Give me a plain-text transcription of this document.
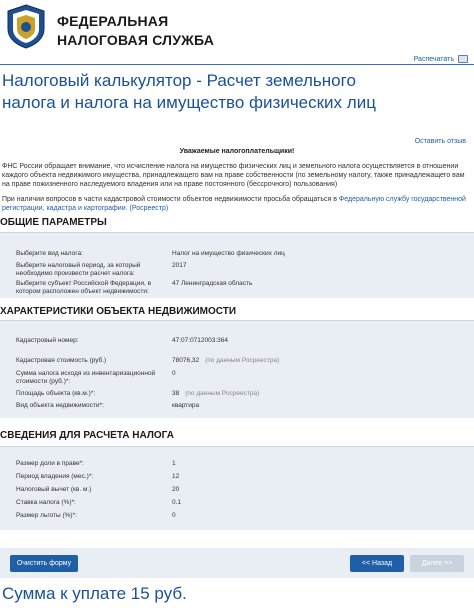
ФЕДЕРАЛЬНАЯ
НАЛОГОВАЯ СЛУЖБА
Распечатать
Налоговый калькулятор - Расчет земельного налога и налога на имущество физических лиц
Оставить отзыв
Уважаемые налогоплательщики!
ФНС России обращает внимание, что исчисление налога на имущество физических лиц и земельного налога осуществляется в отношении каждого объекта недвижимого имущества, принадлежащего вам на праве собственности (по земельному налогу, также принадлежащего вам на праве пожизненного наследуемого владения или на праве постоянного (бессрочного) пользования)
При наличии вопросов в части кадастровой стоимости объектов недвижимости просьба обращаться в Федеральную службу государственной регистрации, кадастра и картографии. (Росреестр)
ОБЩИЕ ПАРАМЕТРЫ
Выберите вид налога:	Налог на имущество физических лиц
Выберите налоговый период, за который необходимо произвести расчет налога:
2017
Выберите субъект Российской Федерации, в котором расположен объект недвижимости:
47 Ленинградская область
ХАРАКТЕРИСТИКИ ОБЪЕКТА НЕДВИЖИМОСТИ
Кадастровый номер:	47:07:0712003:364
Кадастровая стоимость (руб.)	78076,32 (по данным Росреестра)
Сумма налога исходя из инвентаризационной стоимости (руб.)*:
0
Площадь объекта (кв.м.)*:	38 (по данным Росреестра)
Вид объекта недвижимости*:	квартира
СВЕДЕНИЯ ДЛЯ РАСЧЕТА НАЛОГА
Размер доли в праве*:	1
Период владения (мес.)*:	12
Налоговый вычет (кв. м.)	20
Ставка налога (%)*:	0.1
Размер льготы (%)*:	0
Очистить форму	<< Назад	Далее >>
Сумма к уплате 15 руб.
